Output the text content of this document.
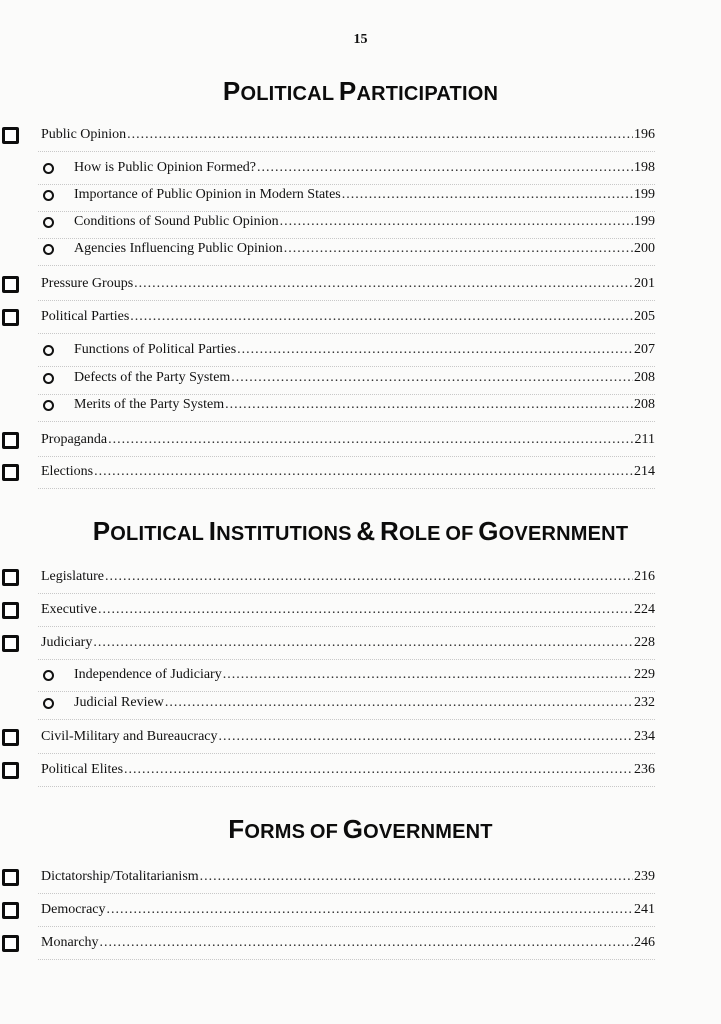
15
POLITICAL PARTICIPATION
POLITICAL INSTITUTIONS & ROLE OF GOVERNMENT
FORMS OF GOVERNMENT
Public Opinion .....	196
How is Public Opinion Formed? .....	198
Importance of Public Opinion in Modern States .....	199
Conditions of Sound Public Opinion .....	199
Agencies Influencing Public Opinion .....	200
Pressure Groups .....	201
Political Parties .....	205
Functions of Political Parties .....	207
Defects of the Party System .....	208
Merits of the Party System .....	208
Propaganda .....	211
Elections .....	214
Legislature .....	216
Executive .....	224
Judiciary .....	228
Independence of Judiciary .....	229
Judicial Review .....	232
Civil-Military and Bureaucracy .....	234
Political Elites .....	236
Dictatorship/Totalitarianism .....	239
Democracy .....	241
Monarchy .....	246
